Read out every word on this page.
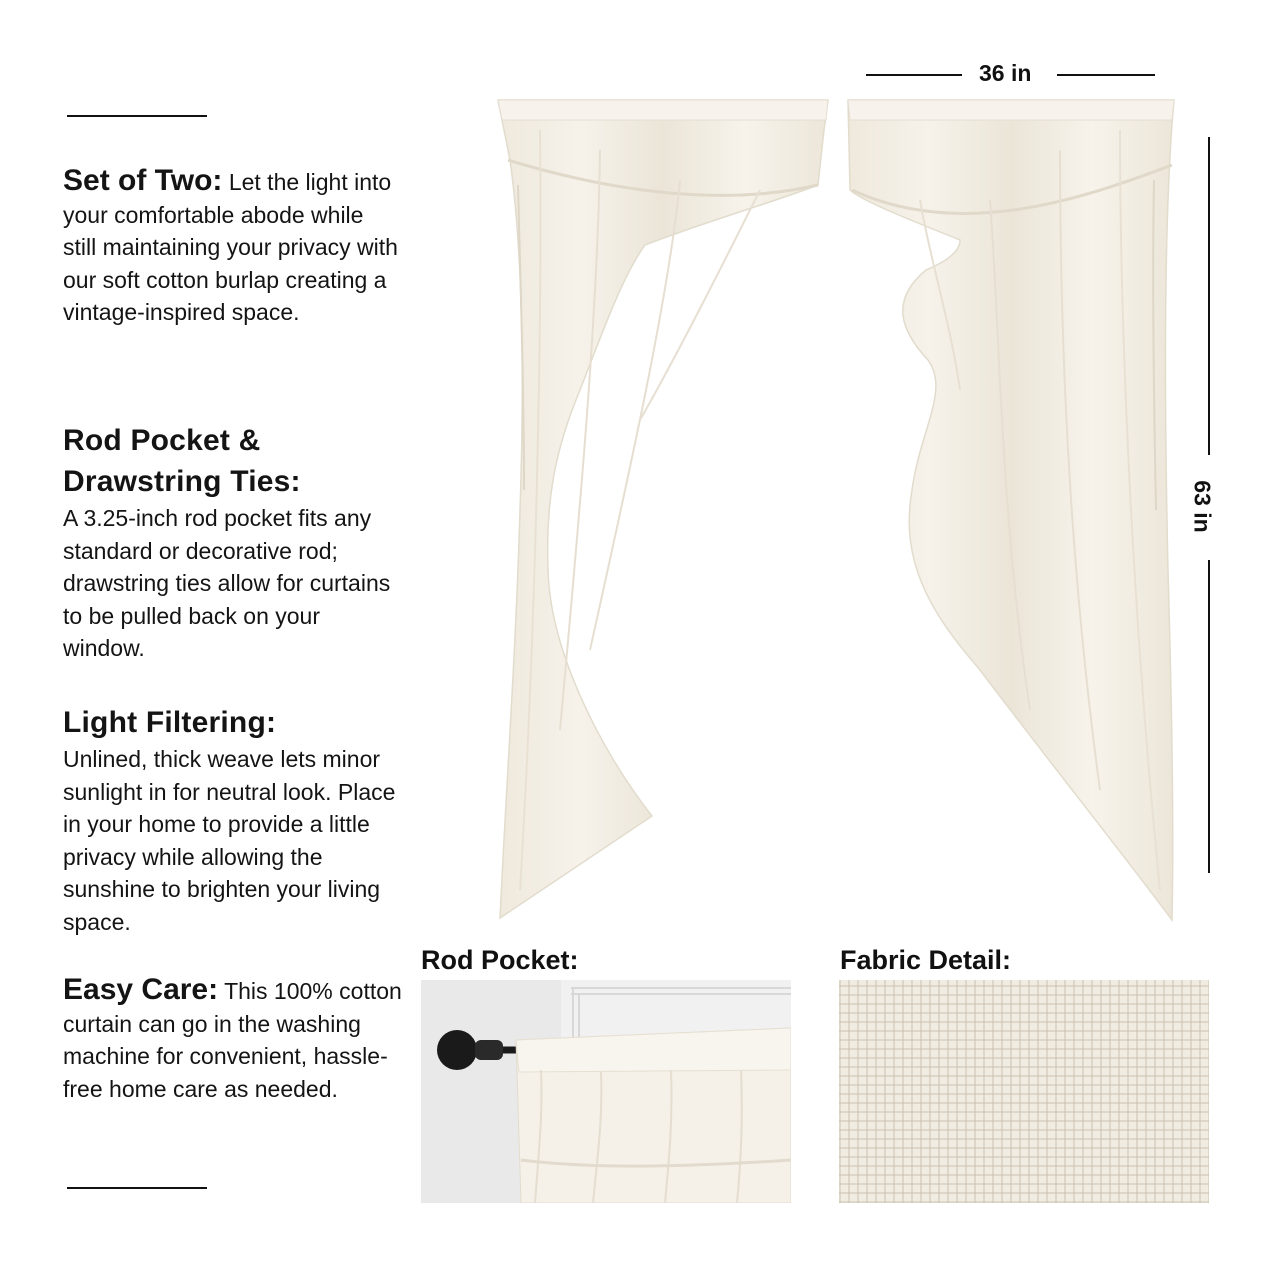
Set of Two: Let the light into your comfortable abode while still maintaining your privacy with our soft cotton burlap creating a vintage-inspired space.

Rod Pocket &
Drawstring Ties:

A 3.25-inch rod pocket fits any standard or decorative rod; drawstring ties allow for curtains to be pulled back on your window.

Light Filtering:

Unlined, thick weave lets minor sunlight in for neutral look. Place in your home to provide a little privacy while allowing the sunshine to brighten your living space.

Easy Care: This 100% cotton curtain can go in the washing machine for convenient, hassle-free home care as needed.

36 in
63 in
Rod Pocket:	Fabric Detail:
